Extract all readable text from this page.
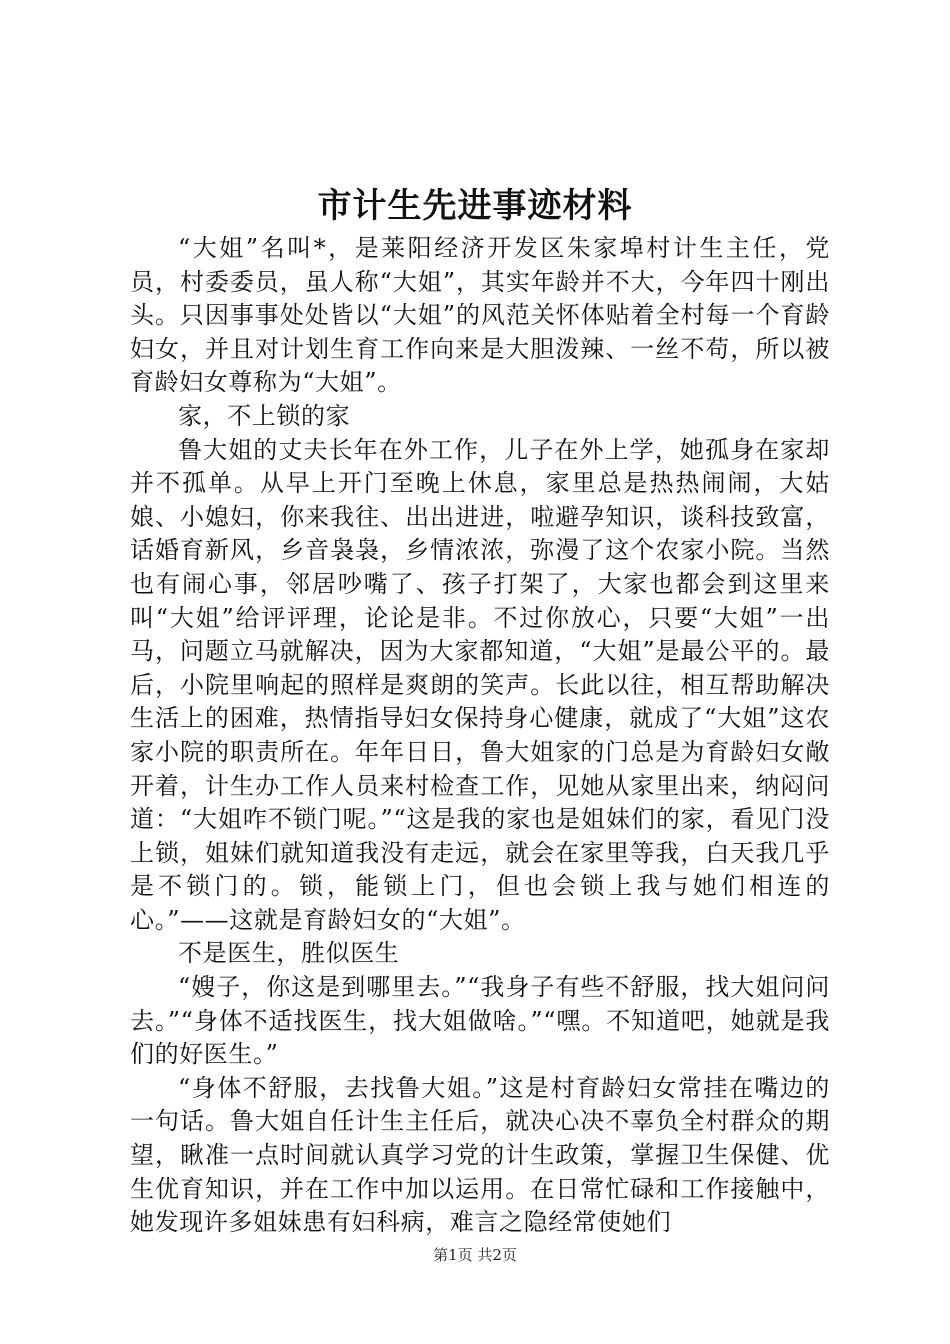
市计生先进事迹材料

“大姐”名叫*，是莱阳经济开发区朱家埠村计生主任，党员，村委委员，虽人称“大姐”，其实年龄并不大，今年四十刚出头。只因事事处处皆以“大姐”的风范关怀体贴着全村每一个育龄妇女，并且对计划生育工作向来是大胆泼辣、一丝不苟，所以被育龄妇女尊称为“大姐”。

家，不上锁的家

鲁大姐的丈夫长年在外工作，儿子在外上学，她孤身在家却并不孤单。从早上开门至晚上休息，家里总是热热闹闹，大姑娘、小媳妇，你来我往、出出进进，啦避孕知识，谈科技致富，话婚育新风，乡音袅袅，乡情浓浓，弥漫了这个农家小院。当然也有闹心事，邻居吵嘴了、孩子打架了，大家也都会到这里来叫“大姐”给评评理，论论是非。不过你放心，只要“大姐”一出马，问题立马就解决，因为大家都知道，“大姐”是最公平的。最后，小院里响起的照样是爽朗的笑声。长此以往，相互帮助解决生活上的困难，热情指导妇女保持身心健康，就成了“大姐”这农家小院的职责所在。年年日日，鲁大姐家的门总是为育龄妇女敞开着，计生办工作人员来村检查工作，见她从家里出来，纳闷问道：“大姐咋不锁门呢。”“这是我的家也是姐妹们的家，看见门没上锁，姐妹们就知道我没有走远，就会在家里等我，白天我几乎是不锁门的。锁，能锁上门，但也会锁上我与她们相连的心。”——这就是育龄妇女的“大姐”。

不是医生，胜似医生

“嫂子，你这是到哪里去。”“我身子有些不舒服，找大姐问问去。”“身体不适找医生，找大姐做啥。”“嘿。不知道吧，她就是我们的好医生。”

“身体不舒服，去找鲁大姐。”这是村育龄妇女常挂在嘴边的一句话。鲁大姐自任计生主任后，就决心决不辜负全村群众的期望，瞅准一点时间就认真学习党的计生政策，掌握卫生保健、优生优育知识，并在工作中加以运用。在日常忙碌和工作接触中，她发现许多姐妹患有妇科病，难言之隐经常使她们

第1页 共2页
